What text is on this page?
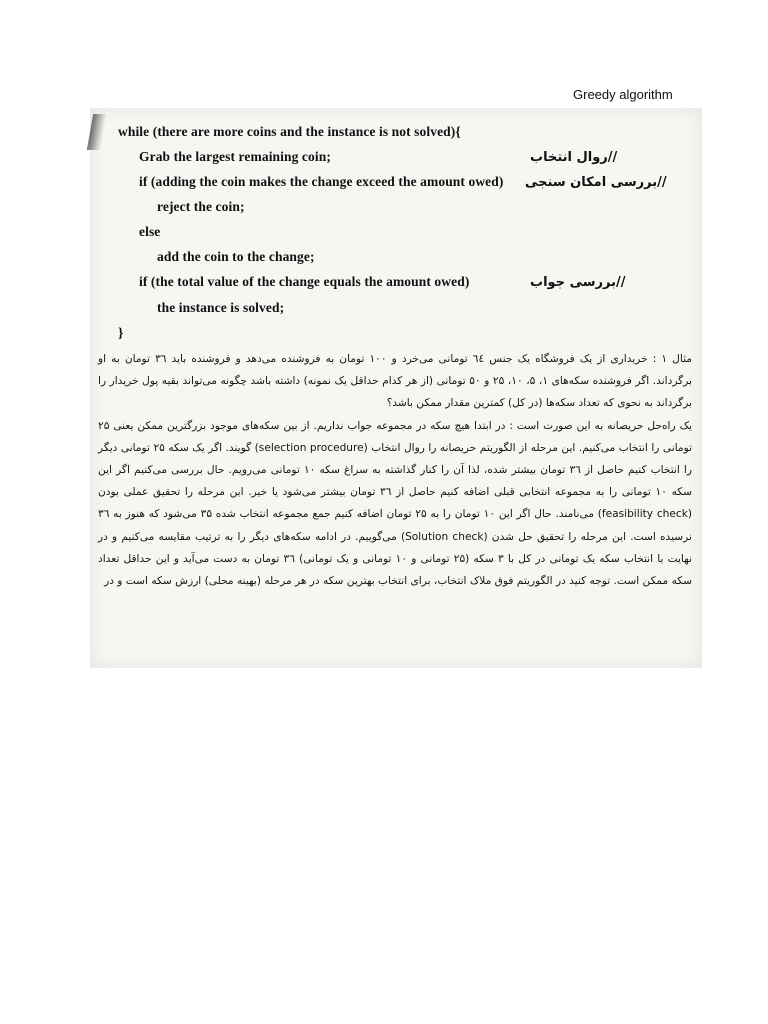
Greedy algorithm
while (there are more coins and the instance is not solved){
Grab the largest remaining coin;
if (adding the coin makes the change exceed the amount owed)
reject the coin;
else
add the coin to the change;
if (the total value of the change equals the amount owed)
the instance is solved;
}
//روال انتخاب
//بررسی امکان سنجی
//بررسی جواب

مثال ۱ : خریداری از یک فروشگاه یک جنس ٦٤ تومانی می‌خرد و ١٠٠ تومان به فروشنده می‌دهد و فروشنده باید ٣٦ تومان به او برگرداند. اگر فروشنده سکه‌های ۱، ۵، ۱۰، ۲۵ و ۵۰ تومانی (از هر کدام حداقل یک نمونه) داشته باشد چگونه می‌تواند بقیه پول خریدار را برگرداند به نحوی که تعداد سکه‌ها (در کل) کمترین مقدار ممکن باشد؟

یک راه‌حل حریصانه به این صورت است : در ابتدا هیچ سکه در مجموعه جواب نداریم. از بین سکه‌های موجود بزرگترین ممکن یعنی ۲۵ تومانی را انتخاب می‌کنیم. این مرحله از الگوریتم حریصانه را روال انتخاب (selection procedure) گویند. اگر یک سکه ۲۵ تومانی دیگر را انتخاب کنیم حاصل از ٣٦ تومان بیشتر شده، لذا آن را کنار گذاشته به سراغ سکه ۱۰ تومانی می‌رویم. حال بررسی می‌کنیم اگر این سکه ۱۰ تومانی را به مجموعه انتخابی قبلی اضافه کنیم حاصل از ٣٦ تومان بیشتر می‌شود یا خیر. این مرحله را تحقیق عملی بودن (feasibility check) می‌نامند. حال اگر این ۱۰ تومان را به ۲۵ تومان اضافه کنیم جمع مجموعه انتخاب شده ۳۵ می‌شود که هنوز به ٣٦ نرسیده است. این مرحله را تحقیق حل شدن (Solution check) می‌گوییم. در ادامه سکه‌های دیگر را به ترتیب مقایسه می‌کنیم و در نهایت با انتخاب سکه یک تومانی در کل با ۳ سکه (۲۵ تومانی و ۱۰ تومانی و یک تومانی) ٣٦ تومان به دست می‌آید و این حداقل تعداد سکه ممکن است. توجه کنید در الگوریتم فوق ملاک انتخاب، برای انتخاب بهترین سکه در هر مرحله (بهینه محلی) ارزش سکه است و در
